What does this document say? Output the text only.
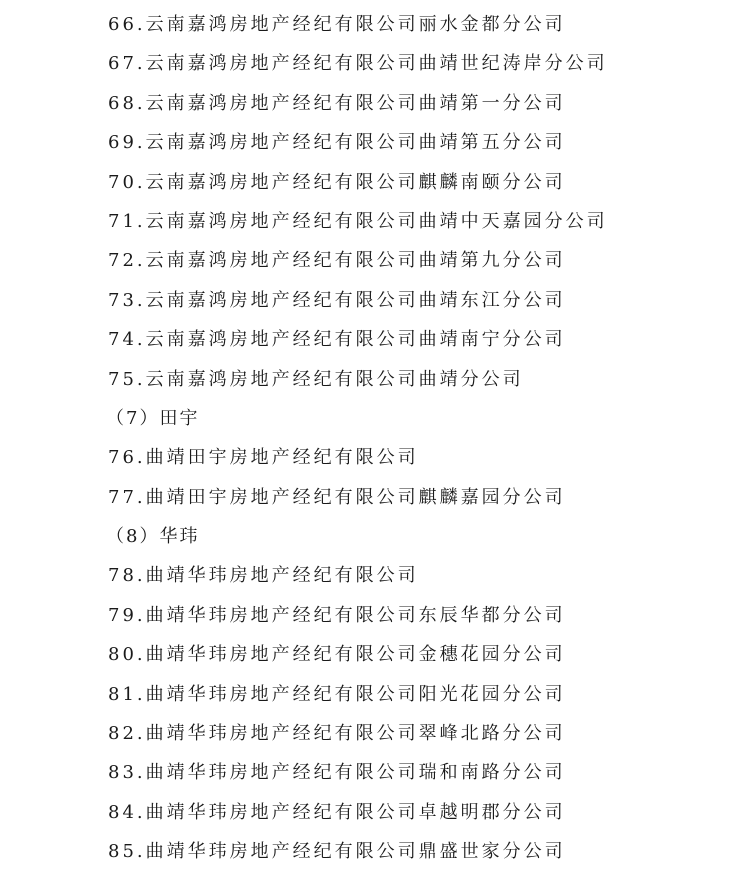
66.云南嘉鸿房地产经纪有限公司丽水金都分公司
67.云南嘉鸿房地产经纪有限公司曲靖世纪涛岸分公司
68.云南嘉鸿房地产经纪有限公司曲靖第一分公司
69.云南嘉鸿房地产经纪有限公司曲靖第五分公司
70.云南嘉鸿房地产经纪有限公司麒麟南颐分公司
71.云南嘉鸿房地产经纪有限公司曲靖中天嘉园分公司
72.云南嘉鸿房地产经纪有限公司曲靖第九分公司
73.云南嘉鸿房地产经纪有限公司曲靖东江分公司
74.云南嘉鸿房地产经纪有限公司曲靖南宁分公司
75.云南嘉鸿房地产经纪有限公司曲靖分公司
（7）田宇
76.曲靖田宇房地产经纪有限公司
77.曲靖田宇房地产经纪有限公司麒麟嘉园分公司
（8）华玮
78.曲靖华玮房地产经纪有限公司
79.曲靖华玮房地产经纪有限公司东辰华都分公司
80.曲靖华玮房地产经纪有限公司金穗花园分公司
81.曲靖华玮房地产经纪有限公司阳光花园分公司
82.曲靖华玮房地产经纪有限公司翠峰北路分公司
83.曲靖华玮房地产经纪有限公司瑞和南路分公司
84.曲靖华玮房地产经纪有限公司卓越明郡分公司
85.曲靖华玮房地产经纪有限公司鼎盛世家分公司
